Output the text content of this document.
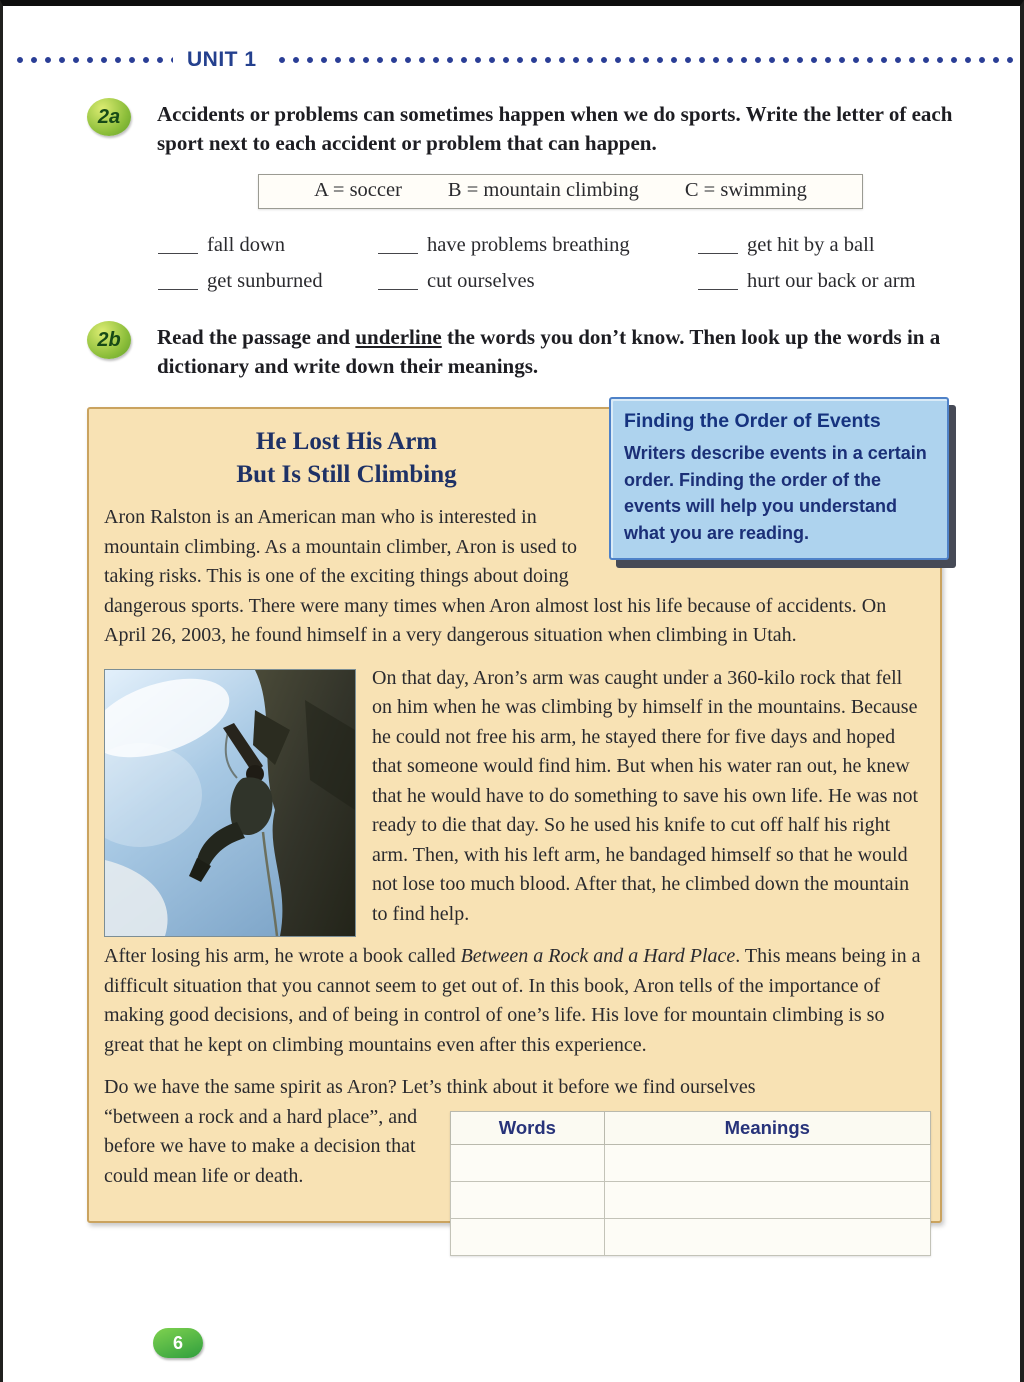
UNIT 1
2a	Accidents or problems can sometimes happen when we do sports. Write the letter of each sport next to each accident or problem that can happen.

A = soccer B = mountain climbing C = swimming
fall down	have problems breathing	get hit by a ball
get sunburned	cut ourselves	hurt our back or arm
2b	Read the passage and underline the words you don’t know. Then look up the words in a dictionary and write down their meanings.

Finding the Order of Events

Writers describe events in a certain order. Finding the order of the events will help you understand what you are reading.

He Lost His Arm
But Is Still Climbing

Aron Ralston is an American man who is interested in mountain climbing. As a mountain climber, Aron is used to taking risks. This is one of the exciting things about doing dangerous sports. There were many times when Aron almost lost his life because of accidents. On April 26, 2003, he found himself in a very dangerous situation when climbing in Utah.

On that day, Aron’s arm was caught under a 360-kilo rock that fell on him when he was climbing by himself in the mountains. Because he could not free his arm, he stayed there for five days and hoped that someone would find him. But when his water ran out, he knew that he would have to do something to save his own life. He was not ready to die that day. So he used his knife to cut off half his right arm. Then, with his left arm, he bandaged himself so that he would not lose too much blood. After that, he climbed down the mountain to find help.

After losing his arm, he wrote a book called Between a Rock and a Hard Place. This means being in a difficult situation that you cannot seem to get out of. In this book, Aron tells of the importance of making good decisions, and of being in control of one’s life. His love for mountain climbing is so great that he kept on climbing mountains even after this experience.

Do we have the same spirit as Aron? Let’s think about it before we find ourselves
“between a rock and a hard place”, and before we have to make a decision that could mean life or death.
Words	Meanings

6
